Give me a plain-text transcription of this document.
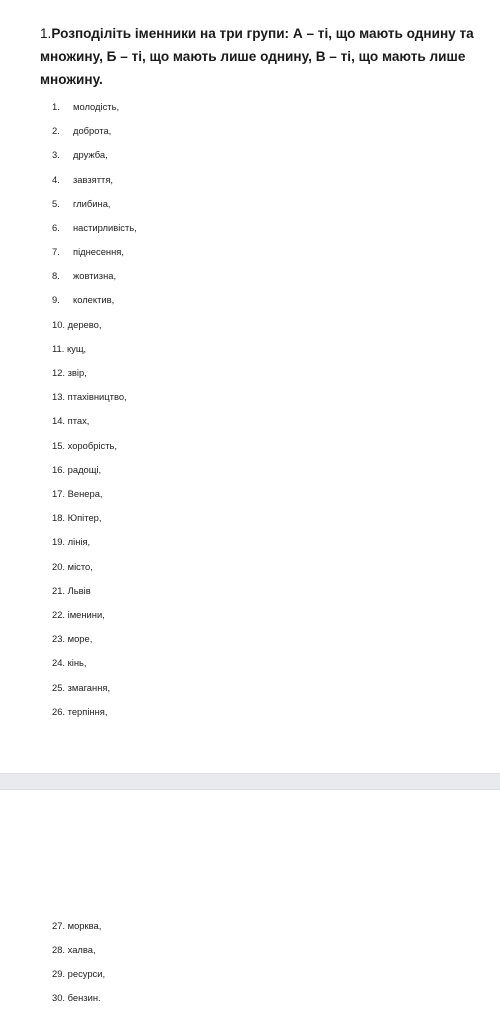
1.Розподіліть іменники на три групи: А – ті, що мають однину та множину, Б – ті, що мають лише однину, В – ті, що мають лише множину.

1. молодість,
2. доброта,
3. дружба,
4. завзяття,
5. глибина,
6. настирливість,
7. піднесення,
8. жовтизна,
9. колектив,
10. дерево,
11. кущ,
12. звір,
13. птахівництво,
14. птах,
15. хоробрість,
16. радощі,
17. Венера,
18. Юпітер,
19. лінія,
20. місто,
21. Львів
22. іменини,
23. море,
24. кінь,
25. змагання,
26. терпіння,
27. морква,
28. халва,
29. ресурси,
30. бензин.
